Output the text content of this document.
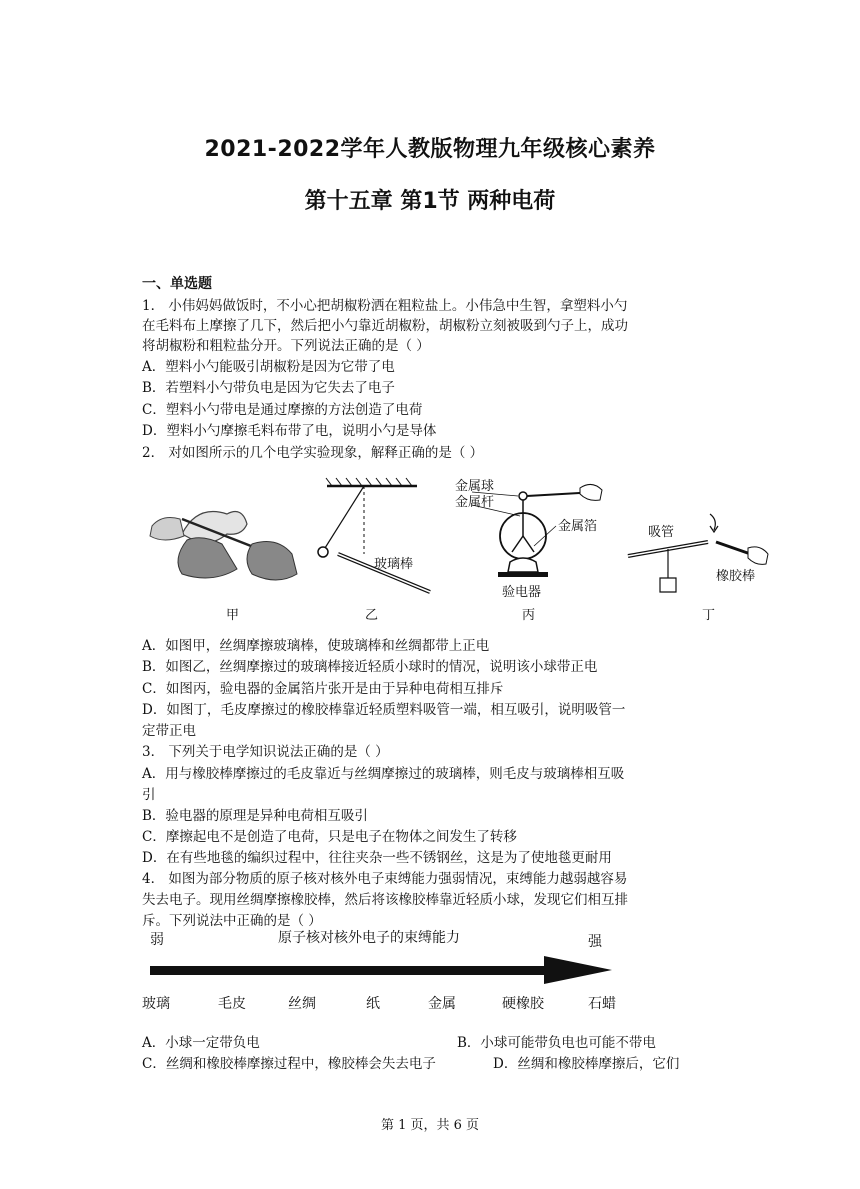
2021-2022学年人教版物理九年级核心素养
第十五章 第1节 两种电荷
一、单选题
1． 小伟妈妈做饭时，不小心把胡椒粉洒在粗粒盐上。小伟急中生智，拿塑料小勺
在毛料布上摩擦了几下，然后把小勺靠近胡椒粉，胡椒粉立刻被吸到勺子上，成功
将胡椒粉和粗粒盐分开。下列说法正确的是（ ）
A．塑料小勺能吸引胡椒粉是因为它带了电
B．若塑料小勺带负电是因为它失去了电子
C．塑料小勺带电是通过摩擦的方法创造了电荷
D．塑料小勺摩擦毛料布带了电，说明小勺是导体
2． 对如图所示的几个电学实验现象，解释正确的是（ ）
甲
玻璃棒
乙
金属球
金属杆
金属箔
验电器
丙
吸管
橡胶棒
丁
A．如图甲，丝绸摩擦玻璃棒，使玻璃棒和丝绸都带上正电
B．如图乙，丝绸摩擦过的玻璃棒接近轻质小球时的情况，说明该小球带正电
C．如图丙，验电器的金属箔片张开是由于异种电荷相互排斥
D．如图丁，毛皮摩擦过的橡胶棒靠近轻质塑料吸管一端，相互吸引，说明吸管一
定带正电
3． 下列关于电学知识说法正确的是（ ）
A．用与橡胶棒摩擦过的毛皮靠近与丝绸摩擦过的玻璃棒，则毛皮与玻璃棒相互吸
引
B．验电器的原理是异种电荷相互吸引
C．摩擦起电不是创造了电荷，只是电子在物体之间发生了转移
D．在有些地毯的编织过程中，往往夹杂一些不锈钢丝，这是为了使地毯更耐用
4． 如图为部分物质的原子核对核外电子束缚能力强弱情况，束缚能力越弱越容易
失去电子。现用丝绸摩擦橡胶棒，然后将该橡胶棒靠近轻质小球，发现它们相互排
斥。下列说法中正确的是（ ）
弱	原子核对核外电子的束缚能力	强
玻璃	毛皮	丝绸	纸	金属	硬橡胶	石蜡
A．小球一定带负电	B．小球可能带负电也可能不带电
C．丝绸和橡胶棒摩擦过程中，橡胶棒会失去电子	D．丝绸和橡胶棒摩擦后，它们
第 1 页，共 6 页
